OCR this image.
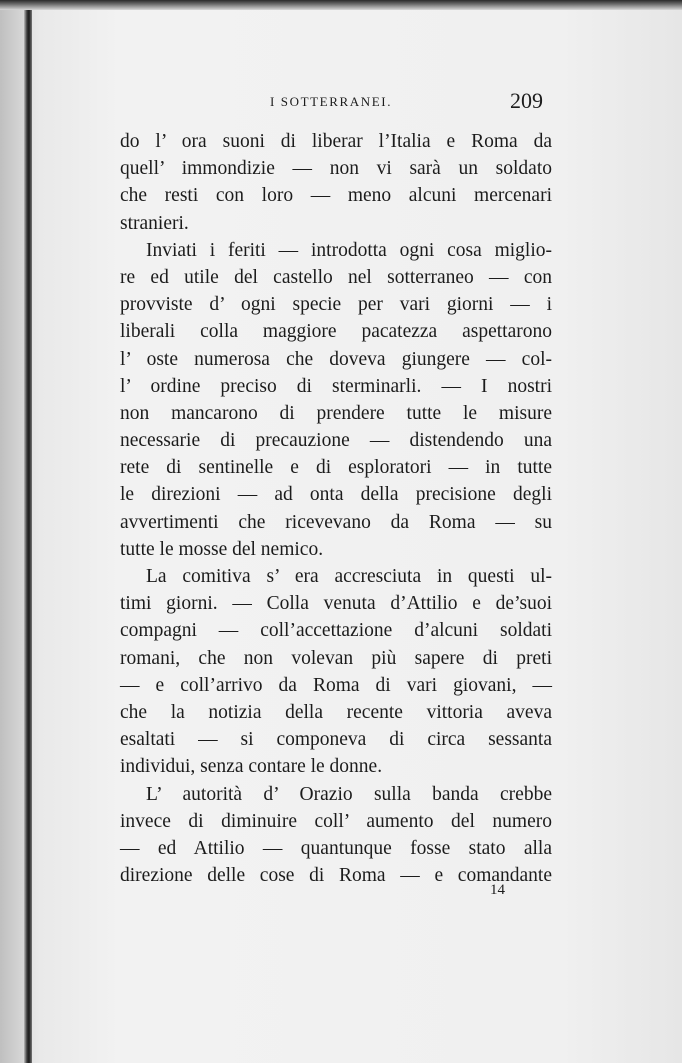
I SOTTERRANEI.	209
do l’ ora suoni di liberar l’Italia e Roma da
quell’ immondizie — non vi sarà un soldato
che resti con loro — meno alcuni mercenari
stranieri.
Inviati i feriti — introdotta ogni cosa miglio-
re ed utile del castello nel sotterraneo — con
provviste d’ ogni specie per vari giorni — i
liberali colla maggiore pacatezza aspettarono
l’ oste numerosa che doveva giungere — col-
l’ ordine preciso di sterminarli. — I nostri
non mancarono di prendere tutte le misure
necessarie di precauzione — distendendo una
rete di sentinelle e di esploratori — in tutte
le direzioni — ad onta della precisione degli
avvertimenti che ricevevano da Roma — su
tutte le mosse del nemico.
La comitiva s’ era accresciuta in questi ul-
timi giorni. — Colla venuta d’Attilio e de’suoi
compagni — coll’accettazione d’alcuni soldati
romani, che non volevan più sapere di preti
— e coll’arrivo da Roma di vari giovani, —
che la notizia della recente vittoria aveva
esaltati — si componeva di circa sessanta
individui, senza contare le donne.
L’ autorità d’ Orazio sulla banda crebbe
invece di diminuire coll’ aumento del numero
— ed Attilio — quantunque fosse stato alla
direzione delle cose di Roma — e comandante
14
